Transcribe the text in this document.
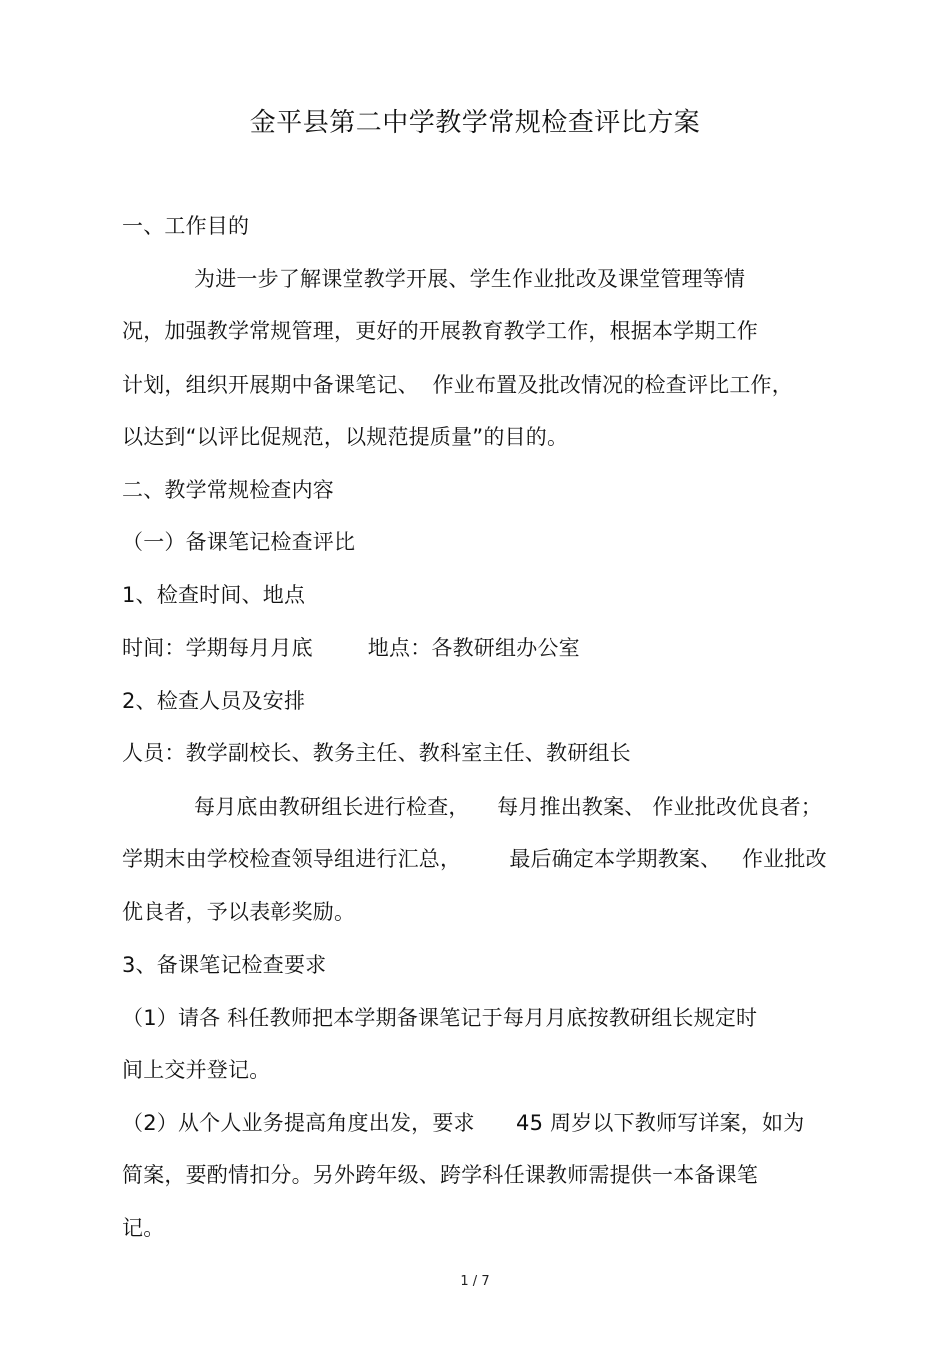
金平县第二中学教学常规检查评比方案
一、工作目的
为进一步了解课堂教学开展、学生作业批改及课堂管理等情
况，加强教学常规管理，更好的开展教育教学工作，根据本学期工作
计划，组织开展期中备课笔记、  作业布置及批改情况的检查评比工作，
以达到“以评比促规范，以规范提质量”的目的。
二、教学常规检查内容
（一）备课笔记检查评比
1、检查时间、地点
时间：学期每月月底        地点：各教研组办公室
2、检查人员及安排
人员：教学副校长、教务主任、教科室主任、教研组长
每月底由教研组长进行检查，    每月推出教案、 作业批改优良者；
学期末由学校检查领导组进行汇总，       最后确定本学期教案、   作业批改
优良者，予以表彰奖励。
3、备课笔记检查要求
（1）请各 科任教师把本学期备课笔记于每月月底按教研组长规定时
间上交并登记。
（2）从个人业务提高角度出发，要求      45 周岁以下教师写详案，如为
简案，要酌情扣分。另外跨年级、跨学科任课教师需提供一本备课笔
记。
1 / 7
